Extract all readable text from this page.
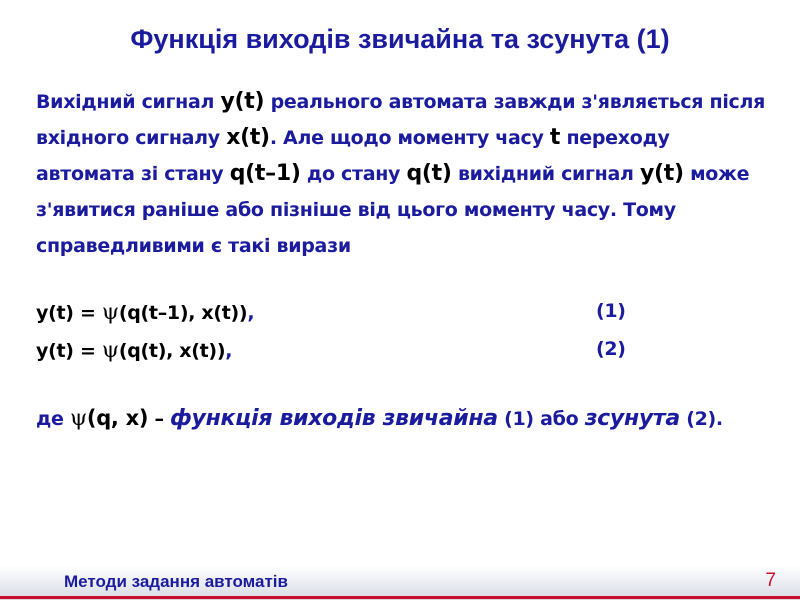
Функція виходів звичайна та зсунута (1)

Вихідний сигнал y(t) реального автомата завжди з'являється після вхідного сигналу x(t). Але щодо моменту часу t переходу автомата зі стану q(t–1) до стану q(t) вихідний сигнал y(t) може з'явитися раніше або пізніше від цього моменту часу. Тому справедливими є такі вирази

y(t) = ψ(q(t–1), x(t)),	(1)
y(t) = ψ(q(t), x(t)),	(2)
де ψ(q, x) – функція виходів звичайна (1) або зсунута (2).
Методи задання автоматів	7
